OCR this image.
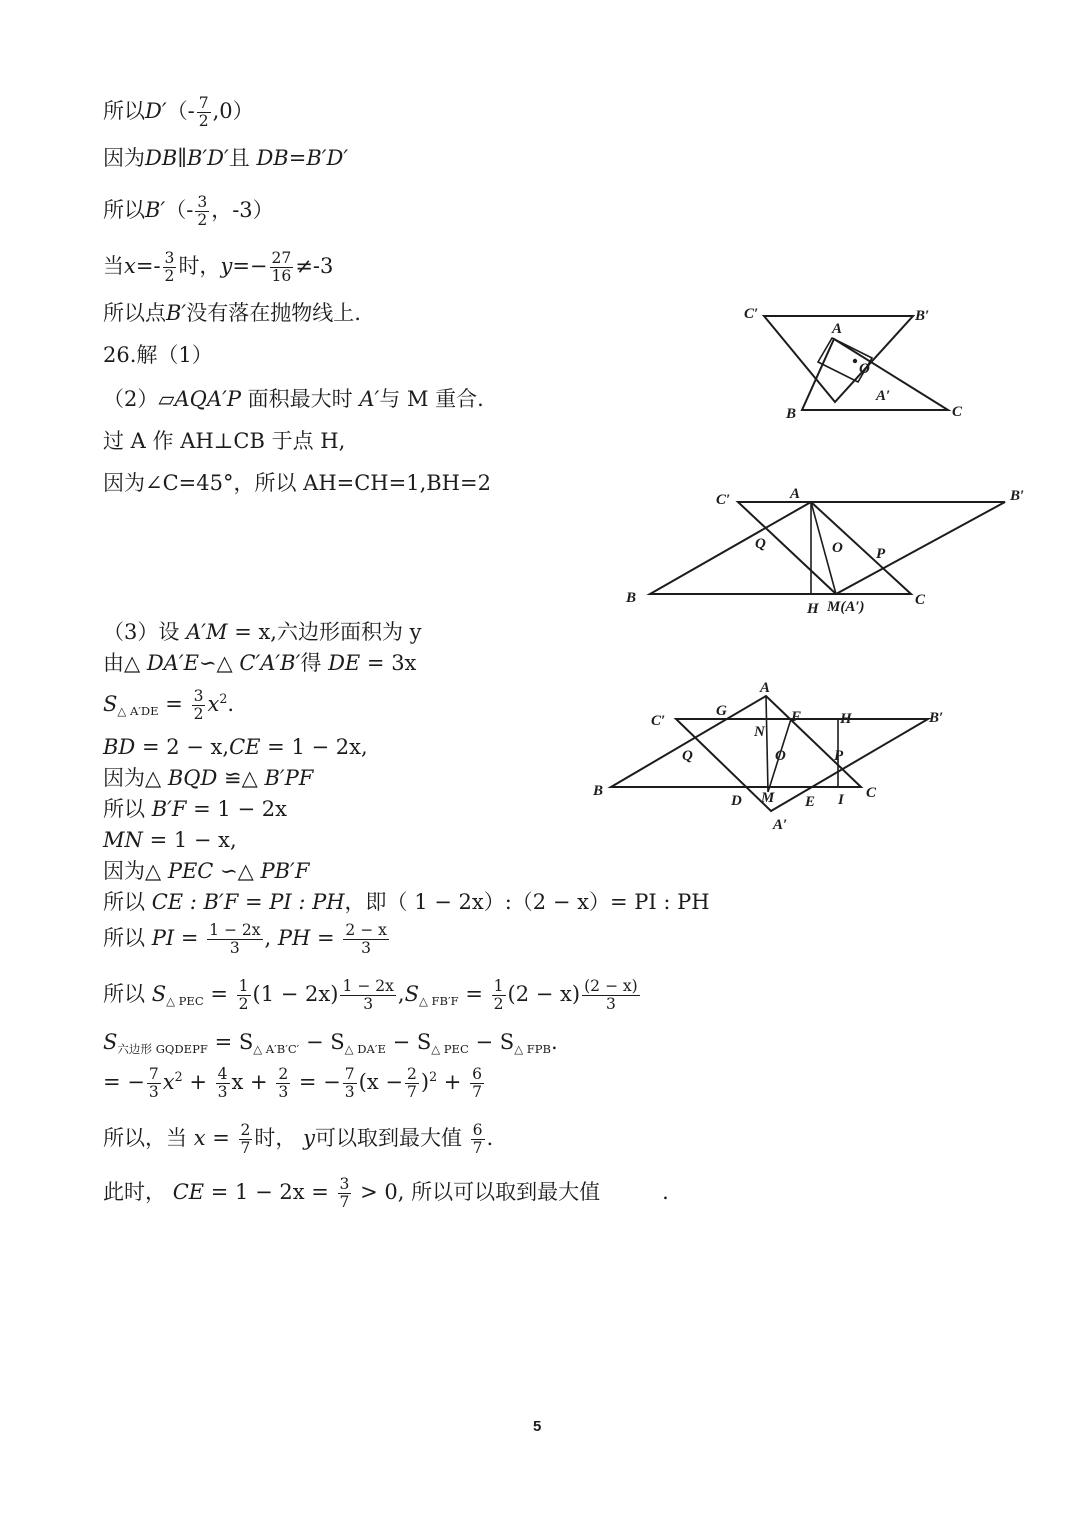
所以$D'(- \frac{7}{2} ,0)$
因为DB∥B′D′且 DB=B′D′
所以$B'(- \frac{3}{2}$ ，-3）
当$x=- \frac{3}{2}$ 时，$y=- \frac{27}{16} \ne-3$
所以点B′没有落在抛物线上.
26.解（1）
（2）▱AQA′P 面积最大时 A′与 M 重合.
过 A 作 AH⊥CB 于点 H,
因为∠C=45°，所以 AH=CH=1,BH=2
（3）设 A′M = x,六边形面积为 y
由△ DA′E∽△ C′A′B′得 DE = 3x
$S_{\triangle A'DE} = \frac{3}{2} x^2$.
BD = 2 − x,CE = 1 − 2x,
因为△ BQD ≌△ B′PF
所以 B′F = 1 − 2x
MN = 1 − x,
因为△ PEC ∽△ PB′F
所以 CE : B′F = PI : PH，即（ 1 − 2x）:（2 − x）= PI : PH
所以 PI = $\frac{1 - 2x}{3}$ , PH = $\frac{2 - x}{3}$
所以 $S_{\triangle PEC} = \frac{1}{2} (1 - 2x) \frac{1 - 2x}{3} ,S_{\triangle FB'F} = \frac{1}{2} (2 - x) \frac{(2 - x)}{3}$
$S_{六边形 GQDEPF} = S_{\triangle A'B'C'} - S_{\triangle DA'E} - S_{\triangle PEC} - S_{\triangle FPB}$.
= − $\frac{7}{3} x^2 + \frac{4}{3}$ $x + \frac{2}{3}$ = − $\frac{7}{3} (x - \frac{2}{7} )^2 + \frac{6}{7}$
所以，当 $x = \frac{2}{7}$ 时， y可以取到最大值 $\frac{6}{7}$ .
此时， CE = $1 - 2x = \frac{3}{7} > 0$, 所以可以取到最大值	.
C′	B′
A
O
A′
B	C
C′	A	B′
Q	O P
B
H M(A′)	C
A
C′
G	F	H	B′
N
Q	O	P
B
D M E I C
A′
5
